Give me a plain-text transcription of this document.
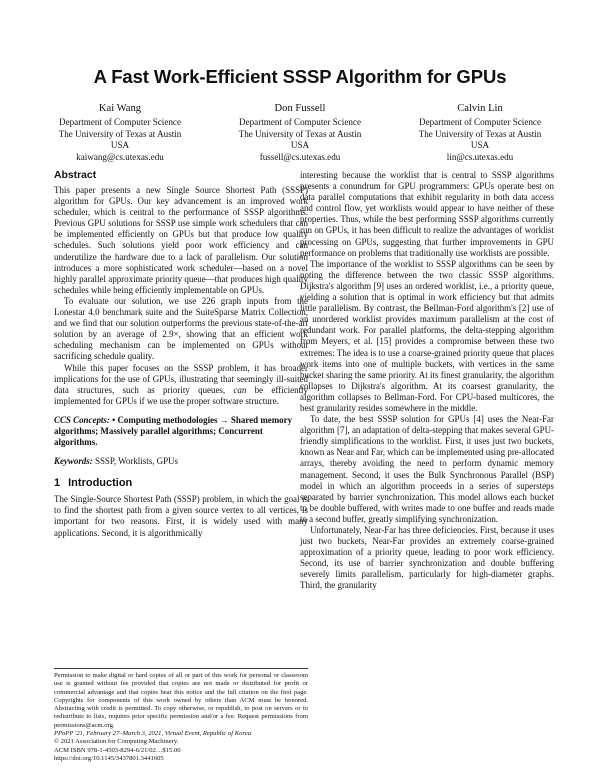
A Fast Work-Efficient SSSP Algorithm for GPUs
Kai Wang
Department of Computer Science
The University of Texas at Austin
USA
kaiwang@cs.utexas.edu
Don Fussell
Department of Computer Science
The University of Texas at Austin
USA
fussell@cs.utexas.edu
Calvin Lin
Department of Computer Science
The University of Texas at Austin
USA
lin@cs.utexas.edu
Abstract

This paper presents a new Single Source Shortest Path (SSSP) algorithm for GPUs. Our key advancement is an improved work scheduler, which is central to the performance of SSSP algorithms. Previous GPU solutions for SSSP use simple work schedulers that can be implemented efficiently on GPUs but that produce low quality schedules. Such solutions yield poor work efficiency and can underutilize the hardware due to a lack of parallelism. Our solution introduces a more sophisticated work scheduler—based on a novel highly parallel approximate priority queue—that produces high quality schedules while being efficiently implementable on GPUs.

To evaluate our solution, we use 226 graph inputs from the Lonestar 4.0 benchmark suite and the SuiteSparse Matrix Collection, and we find that our solution outperforms the previous state-of-the-art solution by an average of 2.9×, showing that an efficient work scheduling mechanism can be implemented on GPUs without sacrificing schedule quality.

While this paper focuses on the SSSP problem, it has broader implications for the use of GPUs, illustrating that seemingly ill-suited data structures, such as priority queues, can be efficiently implemented for GPUs if we use the proper software structure.

CCS Concepts: • Computing methodologies → Shared memory algorithms; Massively parallel algorithms; Concurrent algorithms.
Keywords: SSSP, Worklists, GPUs
1 Introduction

The Single-Source Shortest Path (SSSP) problem, in which the goal is to find the shortest path from a given source vertex to all vertices, is important for two reasons. First, it is widely used with many applications. Second, it is algorithmically

Permission to make digital or hard copies of all or part of this work for personal or classroom use is granted without fee provided that copies are not made or distributed for profit or commercial advantage and that copies bear this notice and the full citation on the first page. Copyrights for components of this work owned by others than ACM must be honored. Abstracting with credit is permitted. To copy otherwise, or republish, to post on servers or to redistribute to lists, requires prior specific permission and/or a fee. Request permissions from permissions@acm.org.

PPoPP '21, February 27–March 3, 2021, Virtual Event, Republic of Korea
© 2021 Association for Computing Machinery.
ACM ISBN 978-1-4503-8294-6/21/02…$15.00
https://doi.org/10.1145/3437801.3441605

interesting because the worklist that is central to SSSP algorithms presents a conundrum for GPU programmers: GPUs operate best on data parallel computations that exhibit regularity in both data access and control flow, yet worklists would appear to have neither of these properties. Thus, while the best performing SSSP algorithms currently run on GPUs, it has been difficult to realize the advantages of worklist processing on GPUs, suggesting that further improvements in GPU performance on problems that traditionally use worklists are possible.

The importance of the worklist to SSSP algorithms can be seen by noting the difference between the two classic SSSP algorithms. Dijkstra's algorithm [9] uses an ordered worklist, i.e., a priority queue, yielding a solution that is optimal in work efficiency but that admits little parallelism. By contrast, the Bellman-Ford algorithm's [2] use of an unordered worklist provides maximum parallelism at the cost of redundant work. For parallel platforms, the delta-stepping algorithm from Meyers, et al. [15] provides a compromise between these two extremes: The idea is to use a coarse-grained priority queue that places work items into one of multiple buckets, with vertices in the same bucket sharing the same priority. At its finest granularity, the algorithm collapses to Dijkstra's algorithm. At its coarsest granularity, the algorithm collapses to Bellman-Ford. For CPU-based multicores, the best granularity resides somewhere in the middle.

To date, the best SSSP solution for GPUs [4] uses the Near-Far algorithm [7], an adaptation of delta-stepping that makes several GPU-friendly simplifications to the worklist. First, it uses just two buckets, known as Near and Far, which can be implemented using pre-allocated arrays, thereby avoiding the need to perform dynamic memory management. Second, it uses the Bulk Synchronous Parallel (BSP) model in which an algorithm proceeds in a series of supersteps separated by barrier synchronization. This model allows each bucket to be double buffered, with writes made to one buffer and reads made to a second buffer, greatly simplifying synchronization.

Unfortunately, Near-Far has three deficiencies. First, because it uses just two buckets, Near-Far provides an extremely coarse-grained approximation of a priority queue, leading to poor work efficiency. Second, its use of barrier synchronization and double buffering severely limits parallelism, particularly for high-diameter graphs. Third, the granularity
